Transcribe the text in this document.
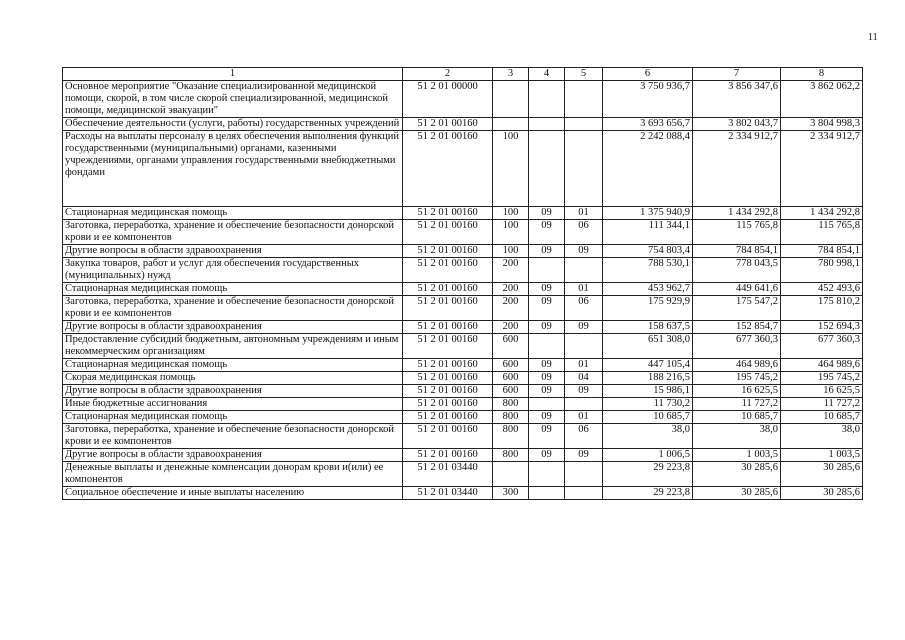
11
1	2	3	4	5	6	7	8
Основное мероприятие "Оказание специализированной медицинской помощи, скорой, в том числе скорой специализированной, медицинской помощи, медицинской эвакуации"	51 2 01 00000				3 750 936,7	3 856 347,6	3 862 062,2
Обеспечение деятельности (услуги, работы) государственных учреждений	51 2 01 00160				3 693 656,7	3 802 043,7	3 804 998,3
Расходы на выплаты персоналу в целях обеспечения выполнения функций государственными (муниципальными) органами, казенными учреждениями, органами управления государственными внебюджетными фондами	51 2 01 00160	100			2 242 088,4	2 334 912,7	2 334 912,7
Стационарная медицинская помощь	51 2 01 00160	100	09	01	1 375 940,9	1 434 292,8	1 434 292,8
Заготовка, переработка, хранение и обеспечение безопасности донорской крови и ее компонентов	51 2 01 00160	100	09	06	111 344,1	115 765,8	115 765,8
Другие вопросы в области здравоохранения	51 2 01 00160	100	09	09	754 803,4	784 854,1	784 854,1
Закупка товаров, работ и услуг для обеспечения государственных (муниципальных) нужд	51 2 01 00160	200			788 530,1	778 043,5	780 998,1
Стационарная медицинская помощь	51 2 01 00160	200	09	01	453 962,7	449 641,6	452 493,6
Заготовка, переработка, хранение и обеспечение безопасности донорской крови и ее компонентов	51 2 01 00160	200	09	06	175 929,9	175 547,2	175 810,2
Другие вопросы в области здравоохранения	51 2 01 00160	200	09	09	158 637,5	152 854,7	152 694,3
Предоставление субсидий бюджетным, автономным учреждениям и иным некоммерческим организациям	51 2 01 00160	600			651 308,0	677 360,3	677 360,3
Стационарная медицинская помощь	51 2 01 00160	600	09	01	447 105,4	464 989,6	464 989,6
Скорая медицинская помощь	51 2 01 00160	600	09	04	188 216,5	195 745,2	195 745,2
Другие вопросы в области здравоохранения	51 2 01 00160	600	09	09	15 986,1	16 625,5	16 625,5
Иные бюджетные ассигнования	51 2 01 00160	800			11 730,2	11 727,2	11 727,2
Стационарная медицинская помощь	51 2 01 00160	800	09	01	10 685,7	10 685,7	10 685,7
Заготовка, переработка, хранение и обеспечение безопасности донорской крови и ее компонентов	51 2 01 00160	800	09	06	38,0	38,0	38,0
Другие вопросы в области здравоохранения	51 2 01 00160	800	09	09	1 006,5	1 003,5	1 003,5
Денежные выплаты и денежные компенсации донорам крови и(или) ее компонентов	51 2 01 03440				29 223,8	30 285,6	30 285,6
Социальное обеспечение и иные выплаты населению	51 2 01 03440	300			29 223,8	30 285,6	30 285,6
